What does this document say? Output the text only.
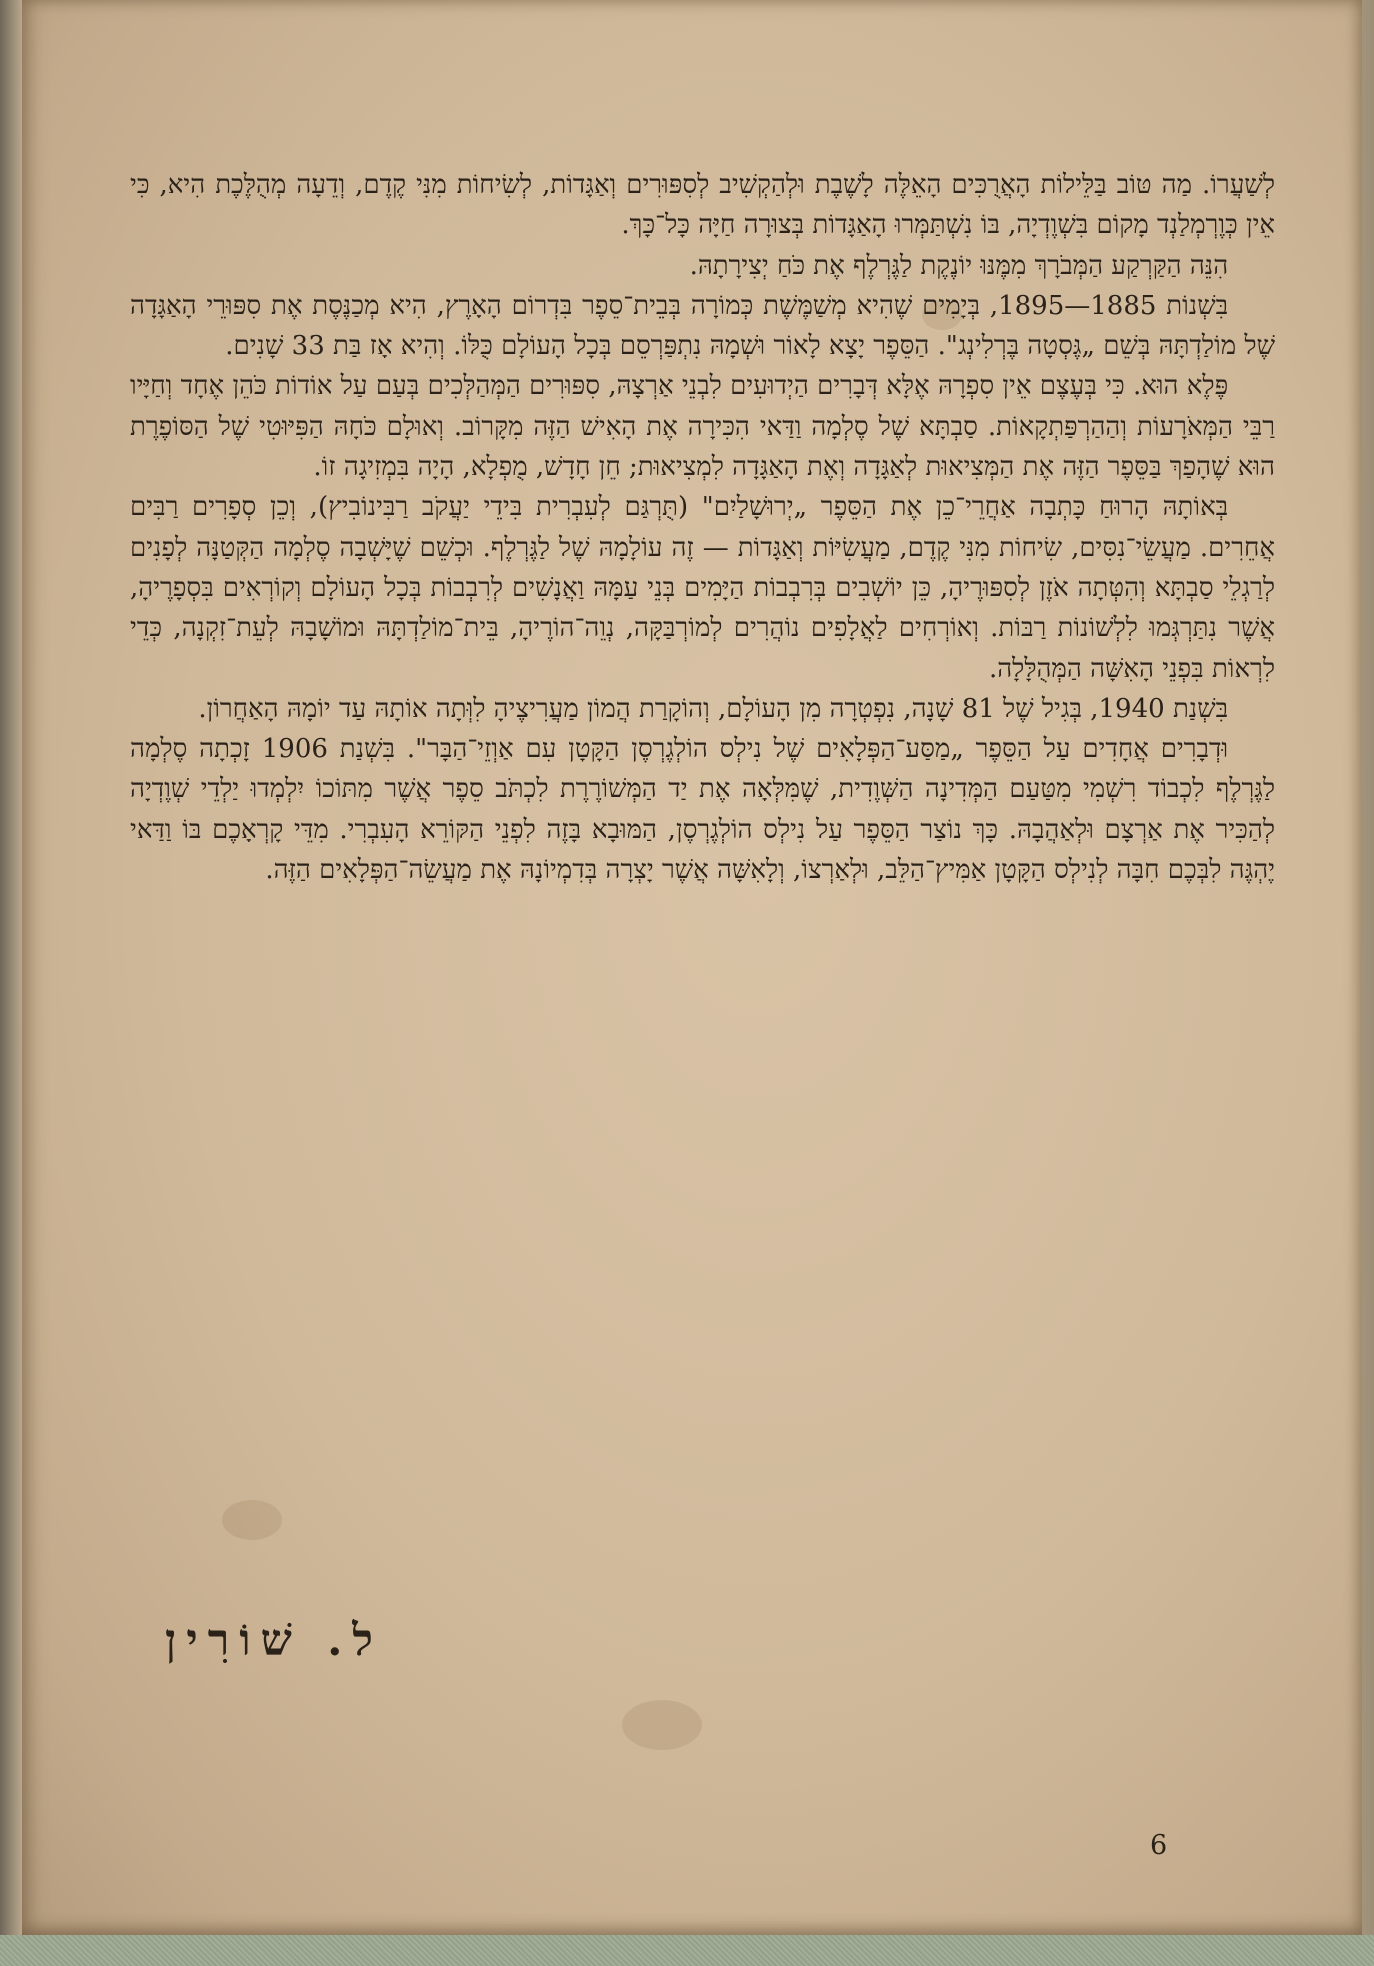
לְשַׁעֲרוֹ. מַה טּוֹב בַּלֵּילוֹת הָאֲרֻכִּים הָאֵלֶּה לָשֶׁבֶת וּלְהַקְשִׁיב לְסִפּוּרִים וְאַגָּדוֹת, לְשִׂיחוֹת מִנִּי קֶדֶם, וְדֵעָה מְהֻלֶּכֶת הִיא, כִּי אֵין כְּוֶרְמְלַנְד מָקוֹם בִּשְׁוֶדְיָה, בּוֹ נִשְׁתַּמְּרוּ הָאַגָּדוֹת בְּצוּרָה חַיָּה כָּל־כָּךְ.

הִנֵּה הַקַּרְקַע הַמְּבֹרָךְ מִמֶּנּוּ יוֹנֶקֶת לַגֶּרְלֶף אֶת כֹּחַ יְצִירָתָהּ.

בִּשְׁנוֹת 1885—1895, בְּיָמִים שֶׁהִיא מְשַׁמֶּשֶׁת כְּמוֹרָה בְּבֵית־סֵפֶר בִּדְרוֹם הָאָרֶץ, הִיא מְכַנֶּסֶת אֶת סִפּוּרֵי הָאַגָּדָה שֶׁל מוֹלַדְתָּהּ בְּשֵׁם „גֶּסְטָה בֶּרְלִינְג". הַסֵּפֶר יָצָא לָאוֹר וּשְׁמָהּ נִתְפַּרְסֵם בְּכָל הָעוֹלָם כֻּלּוֹ. וְהִיא אָז בַּת 33 שָׁנִים.

פֶּלֶא הוּא. כִּי בְּעֶצֶם אֵין סִפְרָהּ אֶלָּא דְּבָרִים הַיְדוּעִים לִבְנֵי אַרְצָהּ, סִפּוּרִים הַמְּהַלְּכִים בְּעַם עַל אוֹדוֹת כֹּהֵן אֶחָד וְחַיָּיו רַבֵּי הַמְּאֹרָעוֹת וְהַהַרְפַּתְקָאוֹת. סַבְתָּא שֶׁל סֶלְמָה וַדַּאי הִכִּירָה אֶת הָאִישׁ הַזֶּה מִקָּרוֹב. וְאוּלָם כֹּחָהּ הַפִּיּוּטִי שֶׁל הַסּוֹפֶרֶת הוּא שֶׁהָפַךְ בַּסֵּפֶר הַזֶּה אֶת הַמְּצִיאוּת לְאַגָּדָה וְאֶת הָאַגָּדָה לִמְצִיאוּת; חֵן חָדָשׁ, מֻפְלָא, הָיָה בִּמְזִיגָה זוֹ.

בְּאוֹתָהּ הָרוּחַ כָּתְבָה אַחֲרֵי־כֵן אֶת הַסֵּפֶר „יְרוּשָׁלַיִם" (תֻּרְגַּם לְעִבְרִית בִּידֵי יַעֲקֹב רַבִּינוֹבִיץ), וְכֵן סְפָרִים רַבִּים אֲחֵרִים. מַעֲשֵׂי־נִסִּים, שִׂיחוֹת מִנִּי קֶדֶם, מַעֲשִׂיּוֹת וְאַגָּדוֹת — זֶה עוֹלָמָהּ שֶׁל לַגֶּרְלֶף. וּכְשֵׁם שֶׁיָּשְׁבָה סֶלְמָה הַקְּטַנָּה לְפָנִים לְרַגְלֵי סַבְתָּא וְהִטְּתָה אֹזֶן לְסִפּוּרֶיהָ, כֵּן יוֹשְׁבִים בְּרִבְבוֹת הַיָּמִים בְּנֵי עַמָּהּ וַאֲנָשִׁים לְרִבְבוֹת בְּכָל הָעוֹלָם וְקוֹרְאִים בִּסְפָרֶיהָ, אֲשֶׁר נִתַּרְגְּמוּ לִלְשׁוֹנוֹת רַבּוֹת. וְאוֹרְחִים לַאֲלָפִים נוֹהֲרִים לְמוֹרְבַּקָּה, נְוֵה־הוֹרֶיהָ, בֵּית־מוֹלַדְתָּהּ וּמוֹשָׁבָהּ לְעֵת־זִקְנָה, כְּדֵי לִרְאוֹת בִּפְנֵי הָאִשָּׁה הַמְּהֻלָּלָה.

בִּשְׁנַת 1940, בְּגִיל שֶׁל 81 שָׁנָה, נִפְטְרָה מִן הָעוֹלָם, וְהוֹקָרַת הֲמוֹן מַעֲרִיצֶיהָ לִוְּתָה אוֹתָהּ עַד יוֹמָהּ הָאַחֲרוֹן.

וּדְבָרִים אֲחָדִים עַל הַסֵּפֶר „מַסַּע־הַפְּלָאִים שֶׁל נִילְס הוֹלְגֶרְסֶן הַקָּטָן עִם אַוְזֵי־הַבָּר". בִּשְׁנַת 1906 זָכְתָה סֶלְמָה לַגֶּרְלֶף לִכְבוֹד רִשְׁמִי מִטַּעַם הַמְּדִינָה הַשְּׁוֶדִית, שֶׁמִּלְּאָה אֶת יַד הַמְּשׁוֹרֶרֶת לִכְתֹּב סֵפֶר אֲשֶׁר מִתּוֹכוֹ יִלְמְדוּ יַלְדֵי שְׁוֶדְיָה לְהַכִּיר אֶת אַרְצָם וּלְאַהֲבָהּ. כָּךְ נוֹצַר הַסֵּפֶר עַל נִילְס הוֹלְגֶרְסֶן, הַמּוּבָא בָּזֶה לִפְנֵי הַקּוֹרֵא הָעִבְרִי. מִדֵּי קָרְאָכֶם בּוֹ וַדַּאי יֶהְגֶּה לִבְּכֶם חִבָּה לְנִילְס הַקָּטָן אַמִּיץ־הַלֵּב, וּלְאַרְצוֹ, וְלָאִשָּׁה אֲשֶׁר יָצְרָה בְּדִמְיוֹנָהּ אֶת מַעֲשֵׂה־הַפְּלָאִים הַזֶּה.

ל. שׁוֹרִין
6
